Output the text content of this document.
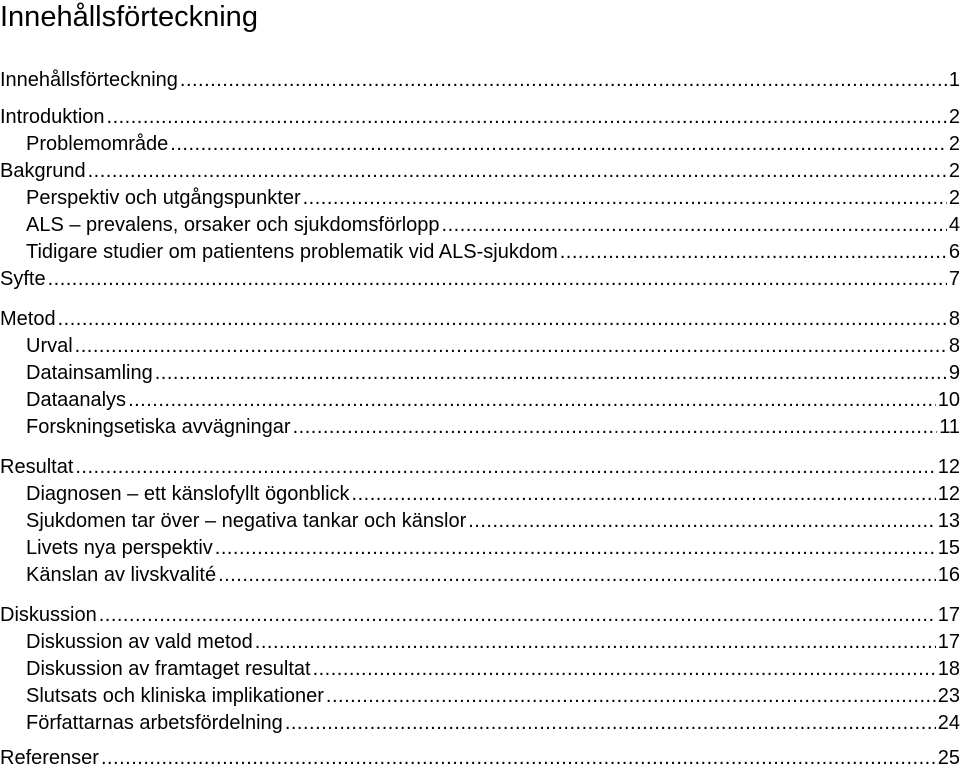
Innehållsförteckning
Innehållsförteckning .....	1
Introduktion .....	2
Problemområde .....	2
Bakgrund .....	2
Perspektiv och utgångspunkter .....	2
ALS – prevalens, orsaker och sjukdomsförlopp .....	4
Tidigare studier om patientens problematik vid ALS-sjukdom .....	6
Syfte .....	7
Metod .....	8
Urval .....	8
Datainsamling .....	9
Dataanalys .....	10
Forskningsetiska avvägningar .....	11
Resultat .....	12
Diagnosen – ett känslofyllt ögonblick .....	12
Sjukdomen tar över – negativa tankar och känslor .....	13
Livets nya perspektiv .....	15
Känslan av livskvalité .....	16
Diskussion .....	17
Diskussion av vald metod .....	17
Diskussion av framtaget resultat .....	18
Slutsats och kliniska implikationer .....	23
Författarnas arbetsfördelning .....	24
Referenser .....	25
